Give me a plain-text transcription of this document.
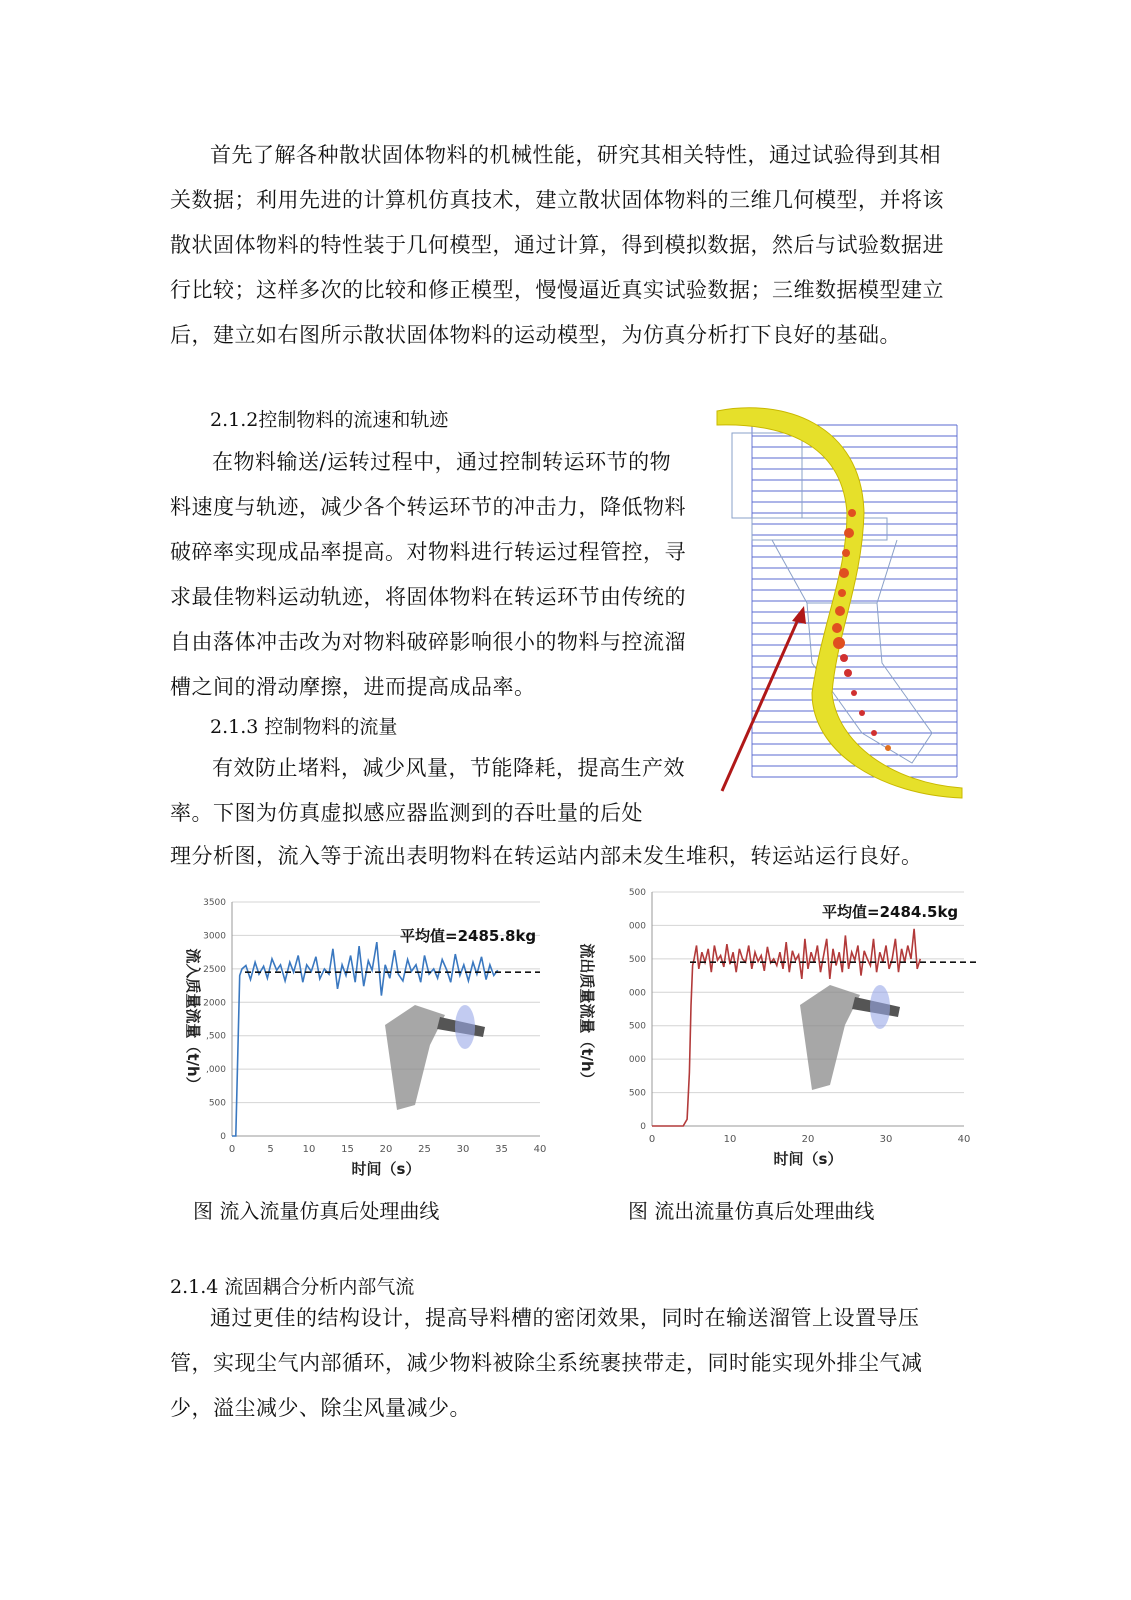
首先了解各种散状固体物料的机械性能，研究其相关特性，通过试验得到其相关数据；利用先进的计算机仿真技术，建立散状固体物料的三维几何模型，并将该散状固体物料的特性装于几何模型，通过计算，得到模拟数据，然后与试验数据进行比较；这样多次的比较和修正模型，慢慢逼近真实试验数据；三维数据模型建立后，建立如右图所示散状固体物料的运动模型，为仿真分析打下良好的基础。

2.1.2控制物料的流速和轨迹

在物料输送/运转过程中，通过控制转运环节的物料速度与轨迹，减少各个转运环节的冲击力，降低物料破碎率实现成品率提高。对物料进行转运过程管控，寻求最佳物料运动轨迹，将固体物料在转运环节由传统的自由落体冲击改为对物料破碎影响很小的物料与控流溜槽之间的滑动摩擦，进而提高成品率。

2.1.3 控制物料的流量

有效防止堵料，减少风量，节能降耗，提高生产效率。下图为仿真虚拟感应器监测到的吞吐量的后处

理分析图，流入等于流出表明物料在转运站内部未发生堆积，转运站运行良好。

0
500
,000
,500
2000
2500
3000
3500
0	5	10	15	20	25	30	35	40
平均值=2485.8kg
时间（s）
流入质量流量（t/h）
0
500
000
500
000
500
000
500
0	10	20	30	40
平均值=2484.5kg
时间（s）
流出质量流量（t/h）

图 流入流量仿真后处理曲线	图 流出流量仿真后处理曲线

2.1.4 流固耦合分析内部气流

通过更佳的结构设计，提高导料槽的密闭效果，同时在输送溜管上设置导压管，实现尘气内部循环，减少物料被除尘系统裹挟带走，同时能实现外排尘气减少，溢尘减少、除尘风量减少。
